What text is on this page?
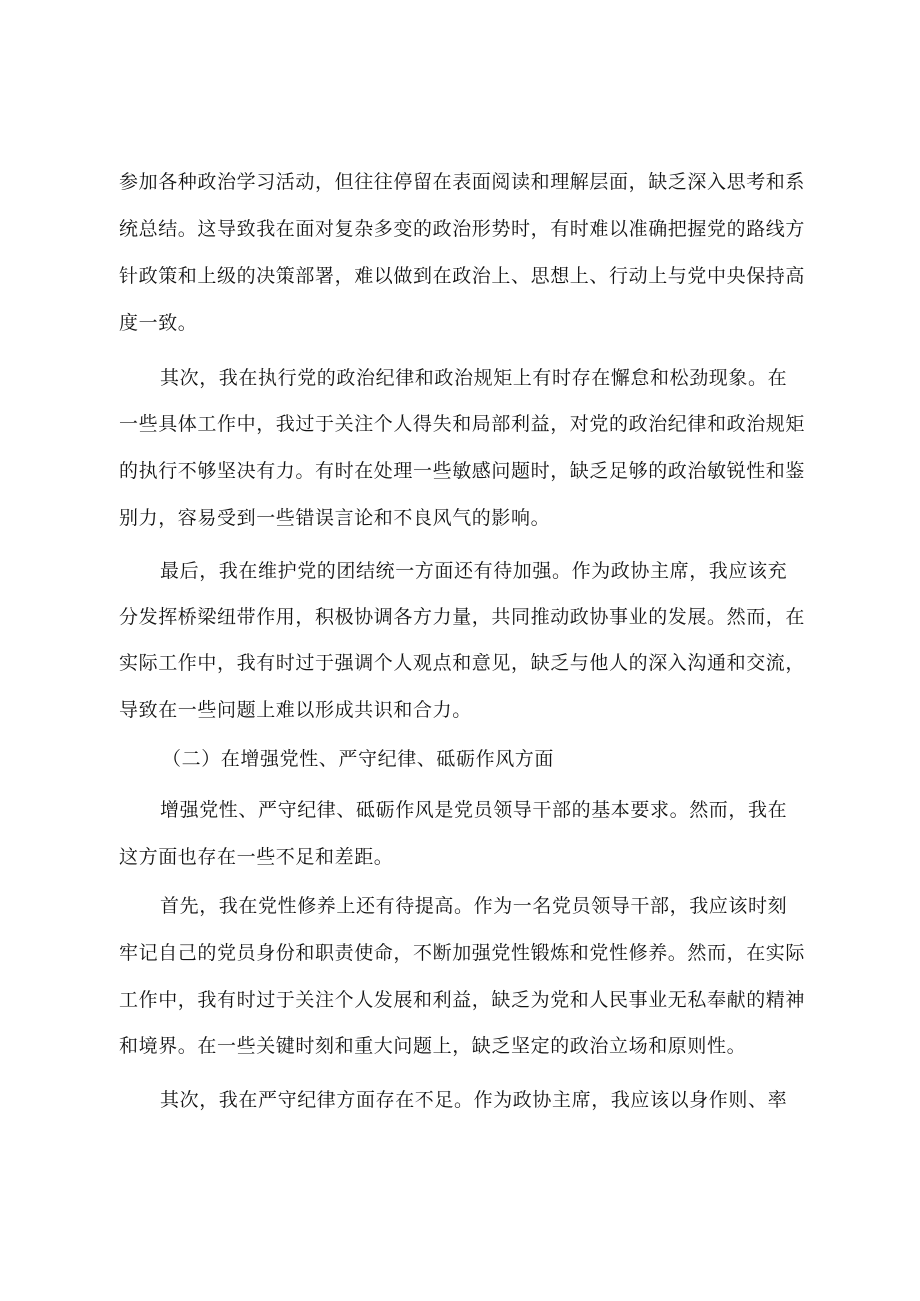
参加各种政治学习活动，但往往停留在表面阅读和理解层面，缺乏深入思考和系
统总结。这导致我在面对复杂多变的政治形势时，有时难以准确把握党的路线方
针政策和上级的决策部署，难以做到在政治上、思想上、行动上与党中央保持高
度一致。
其次，我在执行党的政治纪律和政治规矩上有时存在懈怠和松劲现象。在
一些具体工作中，我过于关注个人得失和局部利益，对党的政治纪律和政治规矩
的执行不够坚决有力。有时在处理一些敏感问题时，缺乏足够的政治敏锐性和鉴
别力，容易受到一些错误言论和不良风气的影响。
最后，我在维护党的团结统一方面还有待加强。作为政协主席，我应该充
分发挥桥梁纽带作用，积极协调各方力量，共同推动政协事业的发展。然而，在
实际工作中，我有时过于强调个人观点和意见，缺乏与他人的深入沟通和交流，
导致在一些问题上难以形成共识和合力。
（二）在增强党性、严守纪律、砥砺作风方面
增强党性、严守纪律、砥砺作风是党员领导干部的基本要求。然而，我在
这方面也存在一些不足和差距。
首先，我在党性修养上还有待提高。作为一名党员领导干部，我应该时刻
牢记自己的党员身份和职责使命，不断加强党性锻炼和党性修养。然而，在实际
工作中，我有时过于关注个人发展和利益，缺乏为党和人民事业无私奉献的精神
和境界。在一些关键时刻和重大问题上，缺乏坚定的政治立场和原则性。
其次，我在严守纪律方面存在不足。作为政协主席，我应该以身作则、率
